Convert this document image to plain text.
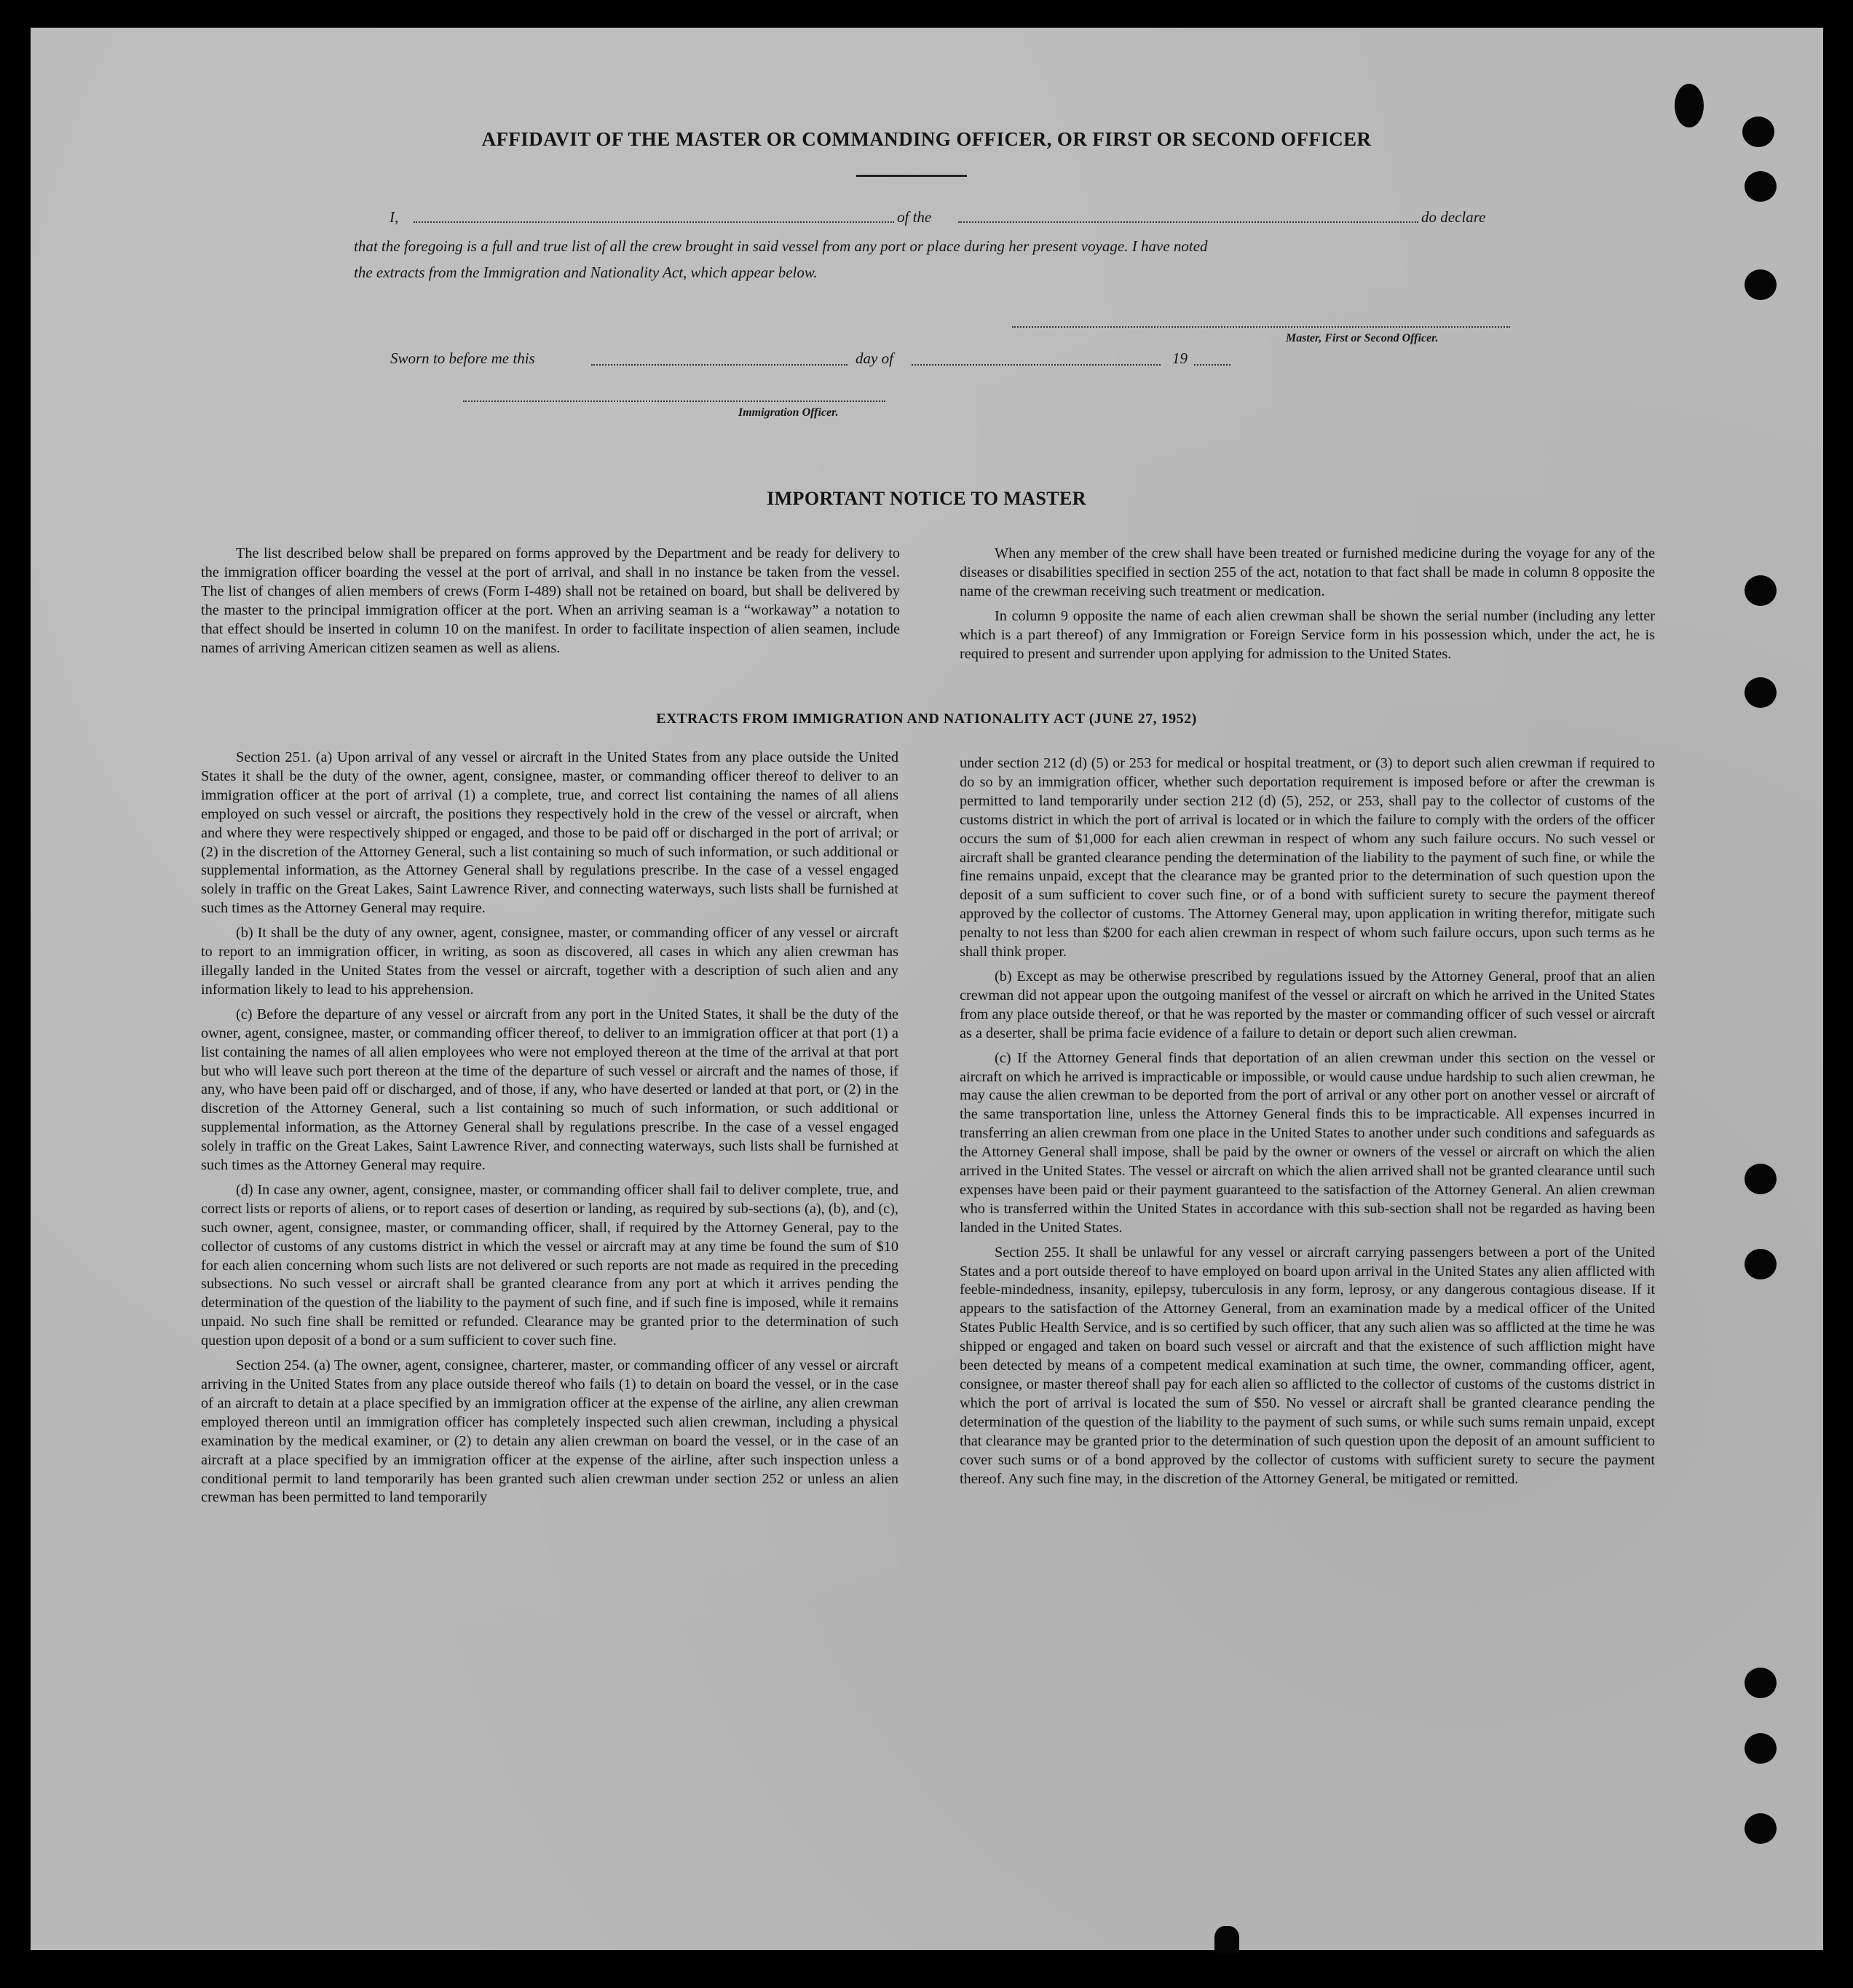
AFFIDAVIT OF THE MASTER OR COMMANDING OFFICER, OR FIRST OR SECOND OFFICER
I,	of the	do declare
that the foregoing is a full and true list of all the crew brought in said vessel from any port or place during her present voyage. I have noted
the extracts from the Immigration and Nationality Act, which appear below.
Master, First or Second Officer.
Sworn to before me this	day of	19
Immigration Officer.
IMPORTANT NOTICE TO MASTER

The list described below shall be prepared on forms approved by the Department and be ready for delivery to the immigration officer boarding the vessel at the port of arrival, and shall in no instance be taken from the vessel. The list of changes of alien members of crews (Form I-489) shall not be retained on board, but shall be delivered by the master to the principal immigration officer at the port. When an arriving seaman is a “workaway” a notation to that effect should be inserted in column 10 on the manifest. In order to facilitate inspection of alien seamen, include names of arriving American citizen seamen as well as aliens.

When any member of the crew shall have been treated or furnished medicine during the voyage for any of the diseases or disabilities specified in section 255 of the act, notation to that fact shall be made in column 8 opposite the name of the crewman receiving such treatment or medication.

In column 9 opposite the name of each alien crewman shall be shown the serial number (including any letter which is a part thereof) of any Immigration or Foreign Service form in his possession which, under the act, he is required to present and surrender upon applying for admission to the United States.

EXTRACTS FROM IMMIGRATION AND NATIONALITY ACT (JUNE 27, 1952)

Section 251. (a) Upon arrival of any vessel or aircraft in the United States from any place outside the United States it shall be the duty of the owner, agent, consignee, master, or commanding officer thereof to deliver to an immigration officer at the port of arrival (1) a complete, true, and correct list containing the names of all aliens employed on such vessel or aircraft, the positions they respectively hold in the crew of the vessel or aircraft, when and where they were respectively shipped or engaged, and those to be paid off or discharged in the port of arrival; or (2) in the discretion of the Attorney General, such a list containing so much of such information, or such additional or supplemental information, as the Attorney General shall by regulations prescribe. In the case of a vessel engaged solely in traffic on the Great Lakes, Saint Lawrence River, and connecting waterways, such lists shall be furnished at such times as the Attorney General may require.

(b) It shall be the duty of any owner, agent, consignee, master, or commanding officer of any vessel or aircraft to report to an immigration officer, in writing, as soon as discovered, all cases in which any alien crewman has illegally landed in the United States from the vessel or aircraft, together with a description of such alien and any information likely to lead to his apprehension.

(c) Before the departure of any vessel or aircraft from any port in the United States, it shall be the duty of the owner, agent, consignee, master, or commanding officer thereof, to deliver to an immigration officer at that port (1) a list containing the names of all alien employees who were not employed thereon at the time of the arrival at that port but who will leave such port thereon at the time of the departure of such vessel or aircraft and the names of those, if any, who have been paid off or discharged, and of those, if any, who have deserted or landed at that port, or (2) in the discretion of the Attorney General, such a list containing so much of such information, or such additional or supplemental information, as the Attorney General shall by regulations prescribe. In the case of a vessel engaged solely in traffic on the Great Lakes, Saint Lawrence River, and connecting waterways, such lists shall be furnished at such times as the Attorney General may require.

(d) In case any owner, agent, consignee, master, or commanding officer shall fail to deliver complete, true, and correct lists or reports of aliens, or to report cases of desertion or landing, as required by sub-sections (a), (b), and (c), such owner, agent, consignee, master, or commanding officer, shall, if required by the Attorney General, pay to the collector of customs of any customs district in which the vessel or aircraft may at any time be found the sum of $10 for each alien concerning whom such lists are not delivered or such reports are not made as required in the preceding subsections. No such vessel or aircraft shall be granted clearance from any port at which it arrives pending the determination of the question of the liability to the payment of such fine, and if such fine is imposed, while it remains unpaid. No such fine shall be remitted or refunded. Clearance may be granted prior to the determination of such question upon deposit of a bond or a sum sufficient to cover such fine.

Section 254. (a) The owner, agent, consignee, charterer, master, or commanding officer of any vessel or aircraft arriving in the United States from any place outside thereof who fails (1) to detain on board the vessel, or in the case of an aircraft to detain at a place specified by an immigration officer at the expense of the airline, any alien crewman employed thereon until an immigration officer has completely inspected such alien crewman, including a physical examination by the medical examiner, or (2) to detain any alien crewman on board the vessel, or in the case of an aircraft at a place specified by an immigration officer at the expense of the airline, after such inspection unless a conditional permit to land temporarily has been granted such alien crewman under section 252 or unless an alien crewman has been permitted to land temporarily

under section 212 (d) (5) or 253 for medical or hospital treatment, or (3) to deport such alien crewman if required to do so by an immigration officer, whether such deportation requirement is imposed before or after the crewman is permitted to land temporarily under section 212 (d) (5), 252, or 253, shall pay to the collector of customs of the customs district in which the port of arrival is located or in which the failure to comply with the orders of the officer occurs the sum of $1,000 for each alien crewman in respect of whom any such failure occurs. No such vessel or aircraft shall be granted clearance pending the determination of the liability to the payment of such fine, or while the fine remains unpaid, except that the clearance may be granted prior to the determination of such question upon the deposit of a sum sufficient to cover such fine, or of a bond with sufficient surety to secure the payment thereof approved by the collector of customs. The Attorney General may, upon application in writing therefor, mitigate such penalty to not less than $200 for each alien crewman in respect of whom such failure occurs, upon such terms as he shall think proper.

(b) Except as may be otherwise prescribed by regulations issued by the Attorney General, proof that an alien crewman did not appear upon the outgoing manifest of the vessel or aircraft on which he arrived in the United States from any place outside thereof, or that he was reported by the master or commanding officer of such vessel or aircraft as a deserter, shall be prima facie evidence of a failure to detain or deport such alien crewman.

(c) If the Attorney General finds that deportation of an alien crewman under this section on the vessel or aircraft on which he arrived is impracticable or impossible, or would cause undue hardship to such alien crewman, he may cause the alien crewman to be deported from the port of arrival or any other port on another vessel or aircraft of the same transportation line, unless the Attorney General finds this to be impracticable. All expenses incurred in transferring an alien crewman from one place in the United States to another under such conditions and safeguards as the Attorney General shall impose, shall be paid by the owner or owners of the vessel or aircraft on which the alien arrived in the United States. The vessel or aircraft on which the alien arrived shall not be granted clearance until such expenses have been paid or their payment guaranteed to the satisfaction of the Attorney General. An alien crewman who is transferred within the United States in accordance with this sub-section shall not be regarded as having been landed in the United States.

Section 255. It shall be unlawful for any vessel or aircraft carrying passengers between a port of the United States and a port outside thereof to have employed on board upon arrival in the United States any alien afflicted with feeble-mindedness, insanity, epilepsy, tuberculosis in any form, leprosy, or any dangerous contagious disease. If it appears to the satisfaction of the Attorney General, from an examination made by a medical officer of the United States Public Health Service, and is so certified by such officer, that any such alien was so afflicted at the time he was shipped or engaged and taken on board such vessel or aircraft and that the existence of such affliction might have been detected by means of a competent medical examination at such time, the owner, commanding officer, agent, consignee, or master thereof shall pay for each alien so afflicted to the collector of customs of the customs district in which the port of arrival is located the sum of $50. No vessel or aircraft shall be granted clearance pending the determination of the question of the liability to the payment of such sums, or while such sums remain unpaid, except that clearance may be granted prior to the determination of such question upon the deposit of an amount sufficient to cover such sums or of a bond approved by the collector of customs with sufficient surety to secure the payment thereof. Any such fine may, in the discretion of the Attorney General, be mitigated or remitted.
